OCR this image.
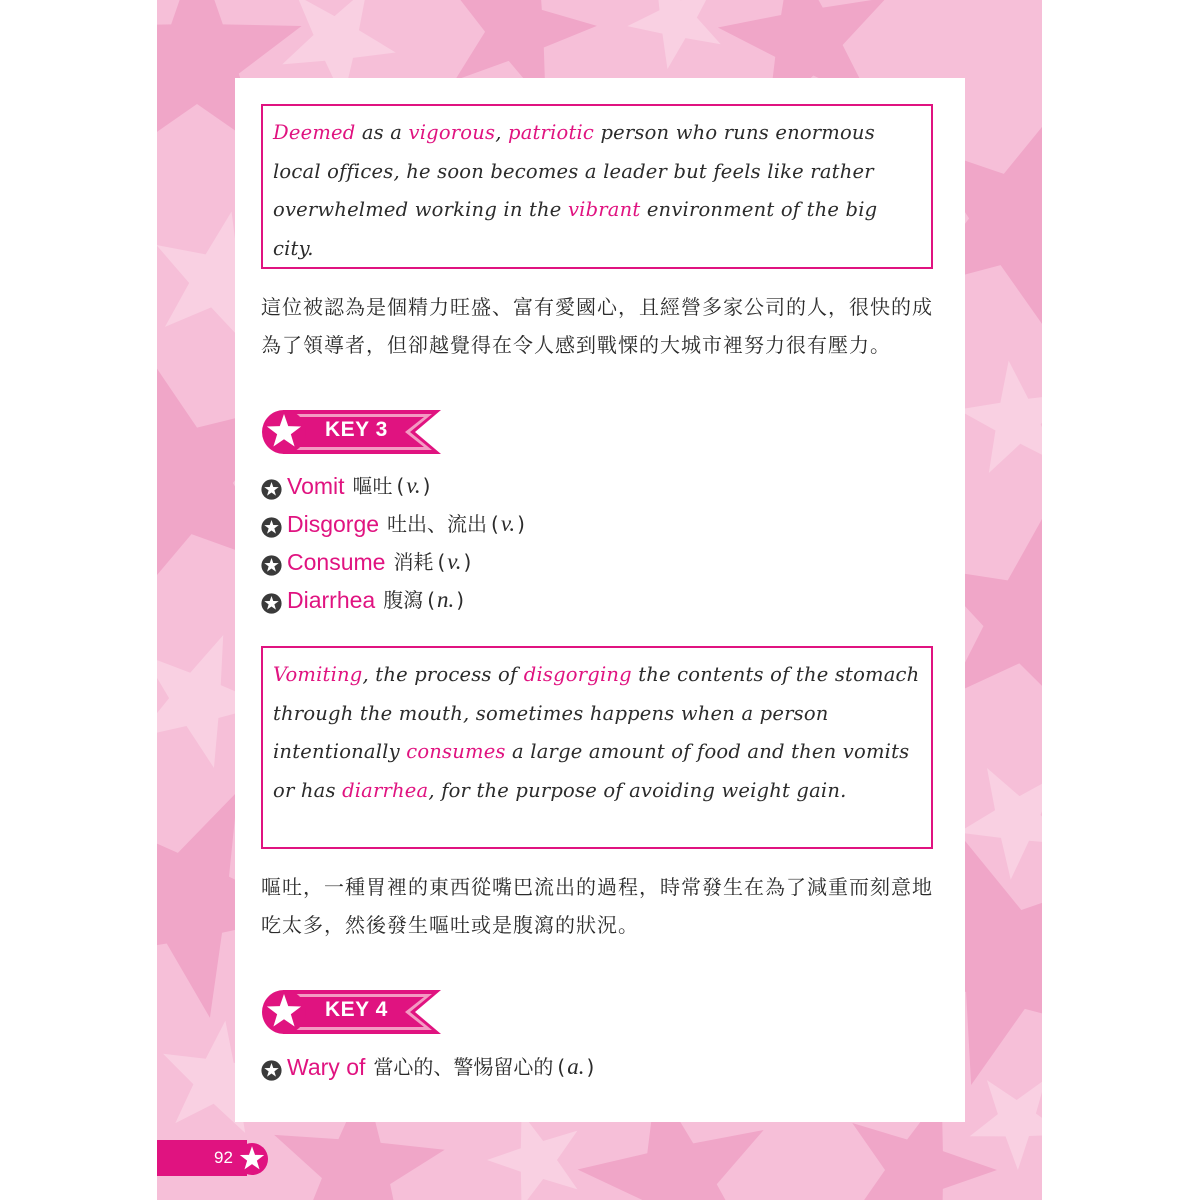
Deemed as a vigorous, patriotic person who runs enormous local offices, he soon becomes a leader but feels like rather overwhelmed working in the vibrant environment of the big city.
這位被認為是個精力旺盛、富有愛國心，且經營多家公司的人，很快的成為了領導者，但卻越覺得在令人感到戰慄的大城市裡努力很有壓力。
KEY 3
Vomit 嘔吐 ( v. )
Disgorge 吐出、流出 ( v. )
Consume 消耗 ( v. )
Diarrhea 腹瀉 ( n. )
Vomiting, the process of disgorging the contents of the stomach through the mouth, sometimes happens when a person intentionally consumes a large amount of food and then vomits or has diarrhea, for the purpose of avoiding weight gain.
嘔吐，一種胃裡的東西從嘴巴流出的過程，時常發生在為了減重而刻意地吃太多，然後發生嘔吐或是腹瀉的狀況。
KEY 4
Wary of 當心的、警惕留心的 ( a. )
92
